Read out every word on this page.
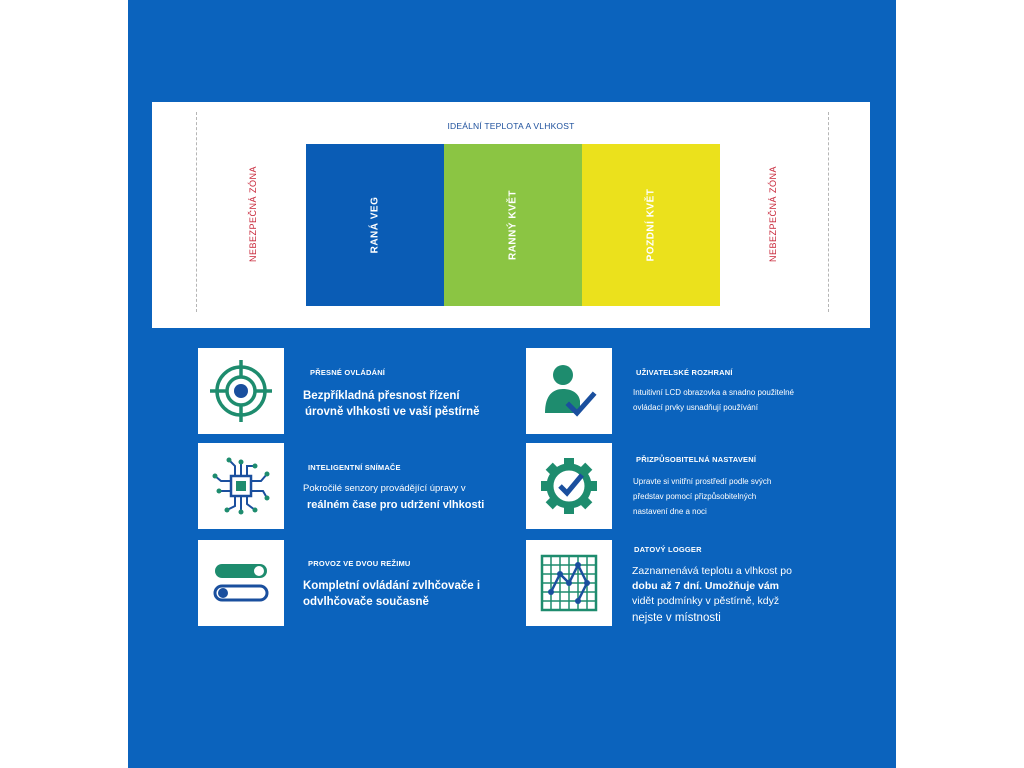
IDEÁLNÍ TEPLOTA A VLHKOST
NEBEZPEČNÁ ZÓNA	NEBEZPEČNÁ ZÓNA
RANÁ VEG	RANNÝ KVĚT	POZDNÍ KVĚT
PŘESNÉ OVLÁDÁNÍ
Bezpříkladná přesnost řízení
úrovně vlhkosti ve vaší pěstírně
UŽIVATELSKÉ ROZHRANÍ
Intuitivní LCD obrazovka a snadno použitelné
ovládací prvky usnadňují používání
INTELIGENTNÍ SNÍMAČE
Pokročilé senzory provádějící úpravy v
reálném čase pro udržení vlhkosti
PŘIZPŮSOBITELNÁ NASTAVENÍ
Upravte si vnitřní prostředí podle svých
představ pomocí přizpůsobitelných
nastavení dne a noci
PROVOZ VE DVOU REŽIMU
Kompletní ovládání zvlhčovače i
odvlhčovače současně
DATOVÝ LOGGER
Zaznamenává teplotu a vlhkost po
dobu až 7 dní. Umožňuje vám
vidět podmínky v pěstírně, když
nejste v místnosti
